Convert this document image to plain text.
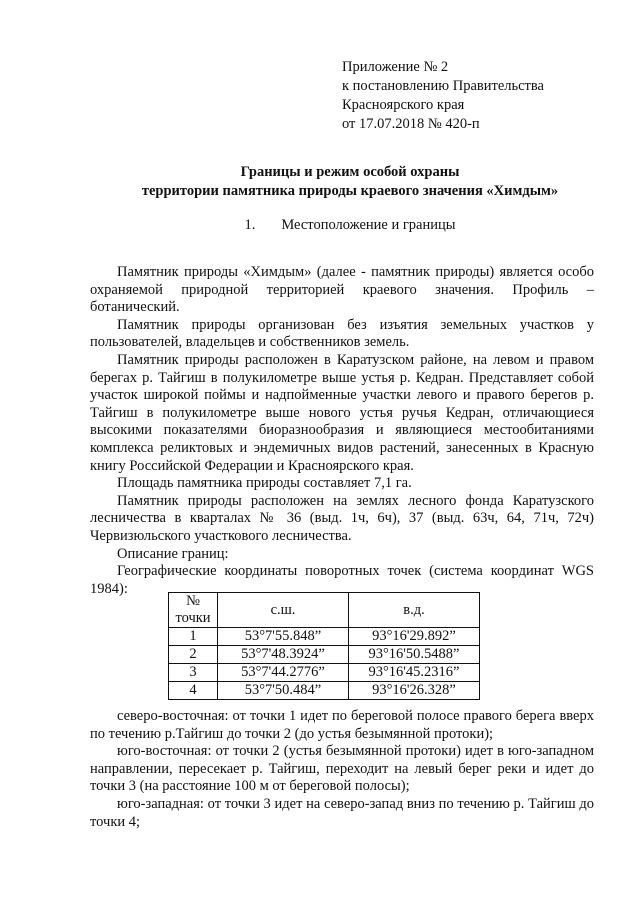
Приложение № 2
к постановлению Правительства
Красноярского края
от 17.07.2018 № 420-п
Границы и режим особой охраны
территории памятника природы краевого значения «Химдым»
1. Местоположение и границы

Памятник природы «Химдым» (далее - памятник природы) является особо охраняемой природной территорией краевого значения. Профиль – ботанический.

Памятник природы организован без изъятия земельных участков у пользователей, владельцев и собственников земель.

Памятник природы расположен в Каратузском районе, на левом и правом берегах р. Тайгиш в полукилометре выше устья р. Кедран. Представляет собой участок широкой поймы и надпойменные участки левого и правого берегов р. Тайгиш в полукилометре выше нового устья ручья Кедран, отличающиеся высокими показателями биоразнообразия и являющиеся местообитаниями комплекса реликтовых и эндемичных видов растений, занесенных в Красную книгу Российской Федерации и Красноярского края.

Площадь памятника природы составляет 7,1 га.

Памятник природы расположен на землях лесного фонда Каратузского лесничества в кварталах № 36 (выд. 1ч, 6ч), 37 (выд. 63ч, 64, 71ч, 72ч) Червизюльского участкового лесничества.

Описание границ:

Географические координаты поворотных точек (система координат WGS 1984):

№ точки	с.ш.	в.д.
1	53°7'55.848”	93°16'29.892”
2	53°7'48.3924”	93°16'50.5488”
3	53°7'44.2776”	93°16'45.2316”
4	53°7'50.484”	93°16'26.328”

северо-восточная: от точки 1 идет по береговой полосе правого берега вверх по течению р.Тайгиш до точки 2 (до устья безымянной протоки);

юго-восточная: от точки 2 (устья безымянной протоки) идет в юго-западном направлении, пересекает р. Тайгиш, переходит на левый берег реки и идет до точки 3 (на расстояние 100 м от береговой полосы);

юго-западная: от точки 3 идет на северо-запад вниз по течению р. Тайгиш до точки 4;
